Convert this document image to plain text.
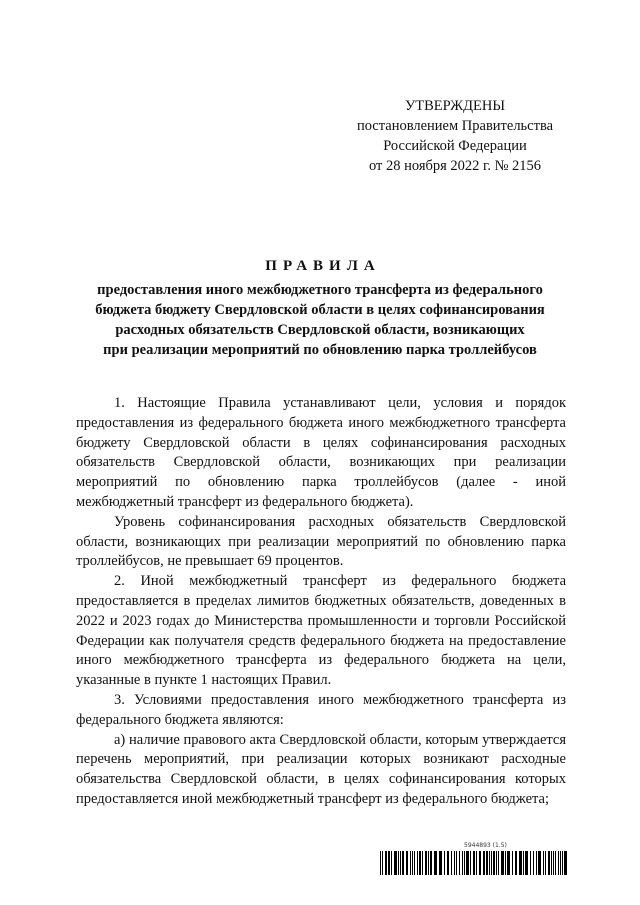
УТВЕРЖДЕНЫ
постановлением Правительства
Российской Федерации
от 28 ноября 2022 г. № 2156
ПРАВИЛА
предоставления иного межбюджетного трансферта из федерального
бюджета бюджету Свердловской области в целях софинансирования
расходных обязательств Свердловской области, возникающих
при реализации мероприятий по обновлению парка троллейбусов

1. Настоящие Правила устанавливают цели, условия и порядок предоставления из федерального бюджета иного межбюджетного трансферта бюджету Свердловской области в целях софинансирования расходных обязательств Свердловской области, возникающих при реализации мероприятий по обновлению парка троллейбусов (далее - иной межбюджетный трансферт из федерального бюджета).

Уровень софинансирования расходных обязательств Свердловской области, возникающих при реализации мероприятий по обновлению парка троллейбусов, не превышает 69 процентов.

2. Иной межбюджетный трансферт из федерального бюджета предоставляется в пределах лимитов бюджетных обязательств, доведенных в 2022 и 2023 годах до Министерства промышленности и торговли Российской Федерации как получателя средств федерального бюджета на предоставление иного межбюджетного трансферта из федерального бюджета на цели, указанные в пункте 1 настоящих Правил.

3. Условиями предоставления иного межбюджетного трансферта из федерального бюджета являются:

а) наличие правового акта Свердловской области, которым утверждается перечень мероприятий, при реализации которых возникают расходные обязательства Свердловской области, в целях софинансирования которых предоставляется иной межбюджетный трансферт из федерального бюджета;

5944893 (1.5)
